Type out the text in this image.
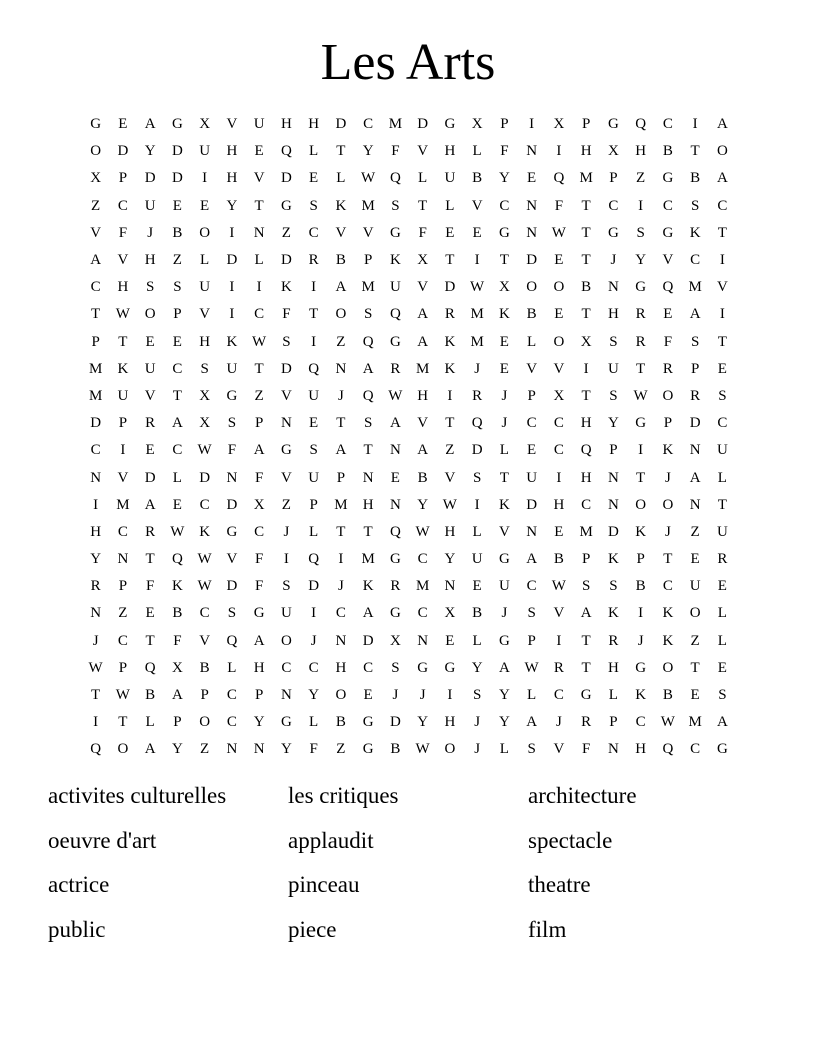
Les Arts
G	E	A	G	X	V	U	H	H	D	C	M	D	G	X	P	I	X	P	G	Q	C	I	A
O	D	Y	D	U	H	E	Q	L	T	Y	F	V	H	L	F	N	I	H	X	H	B	T	O
X	P	D	D	I	H	V	D	E	L	W Q	L	U	B	Y	E	Q	M	P	Z	G	B	A
Z	C	U	E	E	Y	T	G	S	K	M	S	T	L	V	C	N	F	T	C	I	C	S	C
V	F	J	B	O	I	N	Z	C	V	V	G	F	E	E	G	N W	T	G	S	G	K	T
A	V	H	Z	L	D	L	D	R	B	P	K	X	T	I	T	D	E	T	J	Y	V	C	I
C	H	S	S	U	I	I	K	I	A	M	U	V	D W X	O	O	B	N	G	Q	M	V
T	W O	P	V	I	C	F	T	O	S	Q	A	R	M	K	B	E	T	H	R	E	A	I
P	T	E	E	H	K W	S	I	Z	Q	G	A	K	M	E	L	O	X	S	R	F	S	T
M	K	U	C	S	U	T	D	Q	N	A	R	M	K	J	E	V	V	I	U	T	R	P	E
M	U	V	T	X	G	Z	V	U	J	Q W H	I	R	J	P	X	T	S	W O	R	S
D	P	R	A	X	S	P	N	E	T	S	A	V	T	Q	J	C	C	H	Y	G	P	D	C
C	I	E	C	W	F	A	G	S	A	T	N	A	Z	D	L	E	C	Q	P	I	K	N	U
N	V	D	L	D	N	F	V	U	P	N	E	B	V	S	T	U	I	H	N	T	J	A	L
I	M	A	E	C	D	X	Z	P	M	H	N	Y W	I	K	D	H	C	N	O	O	N	T
H	C	R	W K	G	C	J	L	T	T	Q W H	L	V	N	E	M	D	K	J	Z	U
Y	N	T	Q W V	F	I	Q	I	M	G	C	Y	U	G	A	B	P	K	P	T	E	R
R	P	F	K W D	F	S	D	J	K	R	M	N	E	U	C	W	S	S	B	C	U	E
N	Z	E	B	C	S	G	U	I	C	A	G	C	X	B	J	S	V	A	K	I	K	O	L
J	C	T	F	V	Q	A	O	J	N	D	X	N	E	L	G	P	I	T	R	J	K	Z	L
W	P	Q	X	B	L	H	C	C	H	C	S	G	G	Y	A W	R	T	H	G	O	T	E
T	W	B	A	P	C	P	N	Y	O	E	J	J	I	S	Y	L	C	G	L	K	B	E	S
I	T	L	P	O	C	Y	G	L	B	G	D	Y	H	J	Y	A	J	R	P	C	W M	A
Q	O	A	Y	Z	N	N	Y	F	Z	G	B	W O	J	L	S	V	F	N	H	Q	C	G
activites culturelles	les critiques	architecture
oeuvre d'art	applaudit	spectacle
actrice	pinceau	theatre
public	piece	film
